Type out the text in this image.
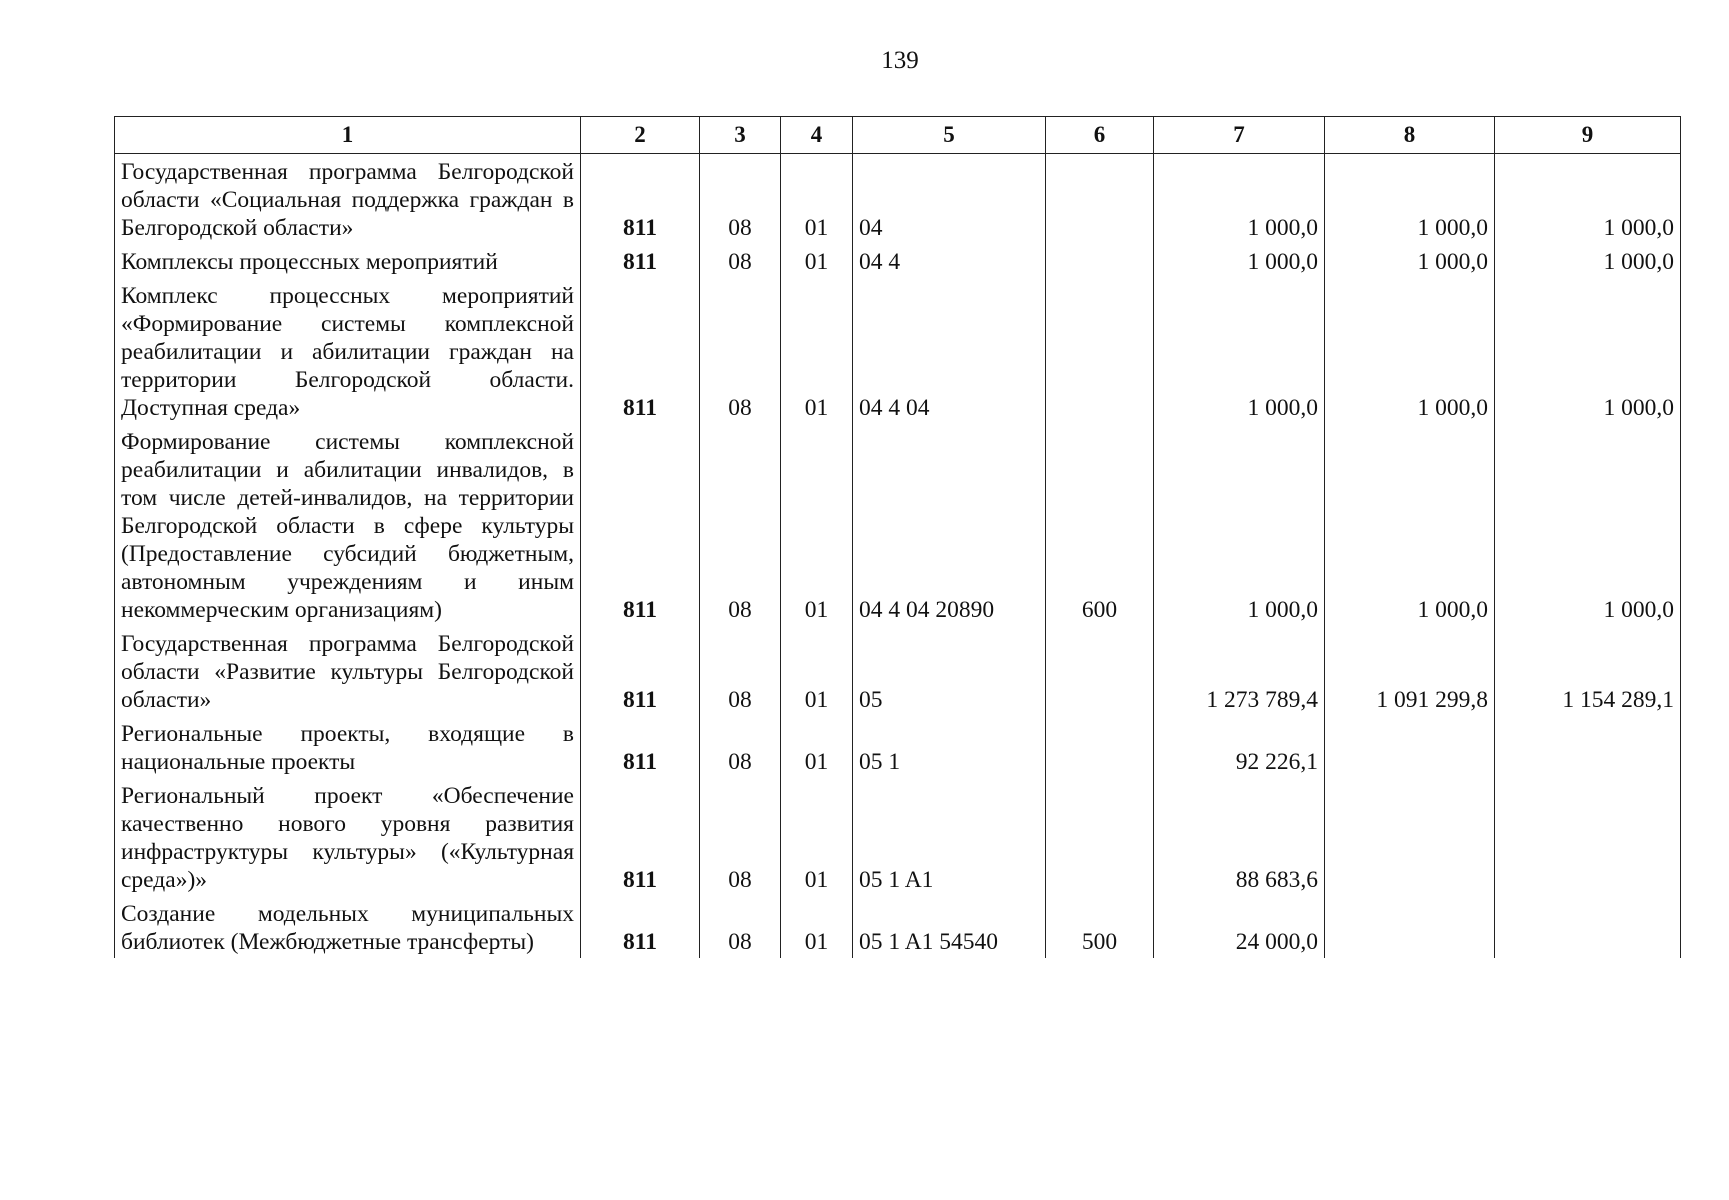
139
1	2	3	4	5	6	7	8	9
Государственная программа Белгородской области «Социальная поддержка граждан в Белгородской области»	811	08	01	04		1 000,0	1 000,0	1 000,0
Комплексы процессных мероприятий	811	08	01	04 4		1 000,0	1 000,0	1 000,0
Комплекс процессных мероприятий «Формирование системы комплексной реабилитации и абилитации граждан на территории Белгородской области. Доступная среда»	811	08	01	04 4 04		1 000,0	1 000,0	1 000,0
Формирование системы комплексной реабилитации и абилитации инвалидов, в том числе детей-инвалидов, на территории Белгородской области в сфере культуры (Предоставление субсидий бюджетным, автономным учреждениям и иным некоммерческим организациям)	811	08	01	04 4 04 20890	600	1 000,0	1 000,0	1 000,0
Государственная программа Белгородской области «Развитие культуры Белгородской области»	811	08	01	05		1 273 789,4	1 091 299,8	1 154 289,1
Региональные проекты, входящие в национальные проекты	811	08	01	05 1		92 226,1		
Региональный проект «Обеспечение качественно нового уровня развития инфраструктуры культуры» («Культурная среда»)»	811	08	01	05 1 A1		88 683,6		
Создание модельных муниципальных библиотек (Межбюджетные трансферты)	811	08	01	05 1 A1 54540	500	24 000,0		
